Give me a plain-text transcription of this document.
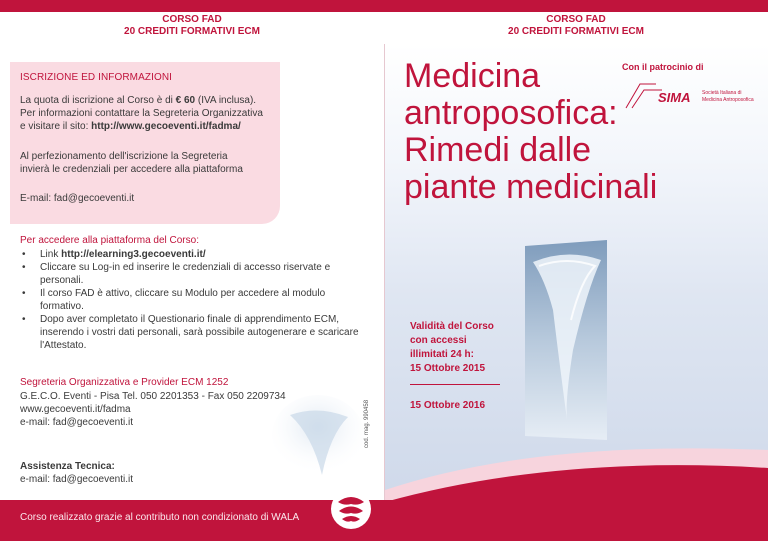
CORSO FAD
20 CREDITI FORMATIVI ECM
CORSO FAD
20 CREDITI FORMATIVI ECM
ISCRIZIONE ED INFORMAZIONI
La quota di iscrizione al Corso è di € 60 (IVA inclusa).
Per informazioni contattare la Segreteria Organizzativa
e visitare il sito: http://www.gecoeventi.it/fadma/
Al perfezionamento dell'iscrizione la Segreteria
invierà le credenziali per accedere alla piattaforma
E-mail: fad@gecoeventi.it
Per accedere alla piattaforma del Corso:
• Link http://elearning3.gecoeventi.it/
• Cliccare su Log-in ed inserire le credenziali di accesso riservate e personali.
• Il corso FAD è attivo, cliccare su Modulo per accedere al modulo formativo.
• Dopo aver completato il Questionario finale di apprendimento ECM, inserendo i vostri dati personali, sarà possibile autogenerare e scaricare l'Attestato.
Segreteria Organizzativa e Provider ECM 1252
G.E.C.O. Eventi - Pisa Tel. 050 2201353 - Fax 050 2209734
www.gecoeventi.it/fadma
e-mail: fad@gecoeventi.it	cod. mag. 990458
Assistenza Tecnica:
e-mail: fad@gecoeventi.it
Corso realizzato grazie al contributo non condizionato di WALA
Medicina
antroposofica:
Rimedi dalle
piante medicinali
Con il patrocinio di
SIMA Società Italiana di
Medicina Antroposofica
Validità del Corso
con accessi
illimitati 24 h:
15 Ottobre 2015
15 Ottobre 2016
